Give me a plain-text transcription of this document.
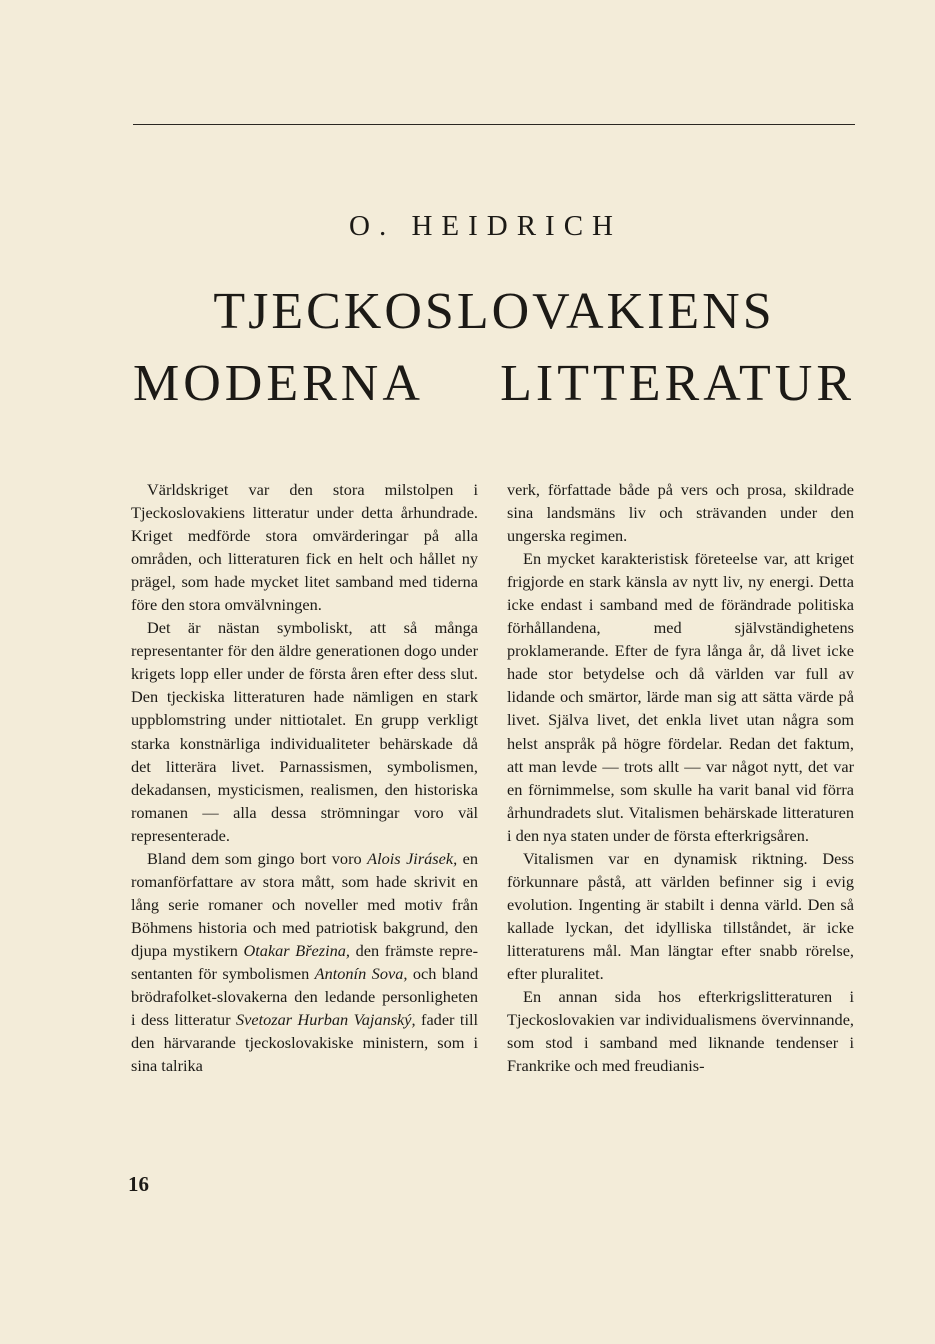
O. HEIDRICH
TJECKOSLOVAKIENS
MODERNA LITTERATUR

Världskriget var den stora milstolpen i Tjeckoslovakiens litteratur under detta århundrade. Kriget medförde stora omvärderingar på alla områden, och litteraturen fick en helt och hållet ny prägel, som hade mycket litet samband med tiderna före den stora omvälvningen.

Det är nästan symboliskt, att så många representanter för den äldre generationen dogo under krigets lopp eller under de första åren efter dess slut. Den tjeckiska litteraturen hade nämligen en stark uppblomstring under nittiotalet. En grupp verkligt starka konstnärliga individualiteter behärskade då det litterära livet. Parnassismen, symbolismen, dekadansen, mysticismen, realismen, den historiska romanen — alla dessa strömningar voro väl representerade.

Bland dem som gingo bort voro Alois Jirásek, en romanförfattare av stora mått, som hade skrivit en lång serie romaner och noveller med motiv från Böhmens historia och med patriotisk bakgrund, den djupa mystikern Otakar Březina, den främste representanten för symbolismen Antonín Sova, och bland brödrafolket-slovakerna den ledande personligheten i dess litteratur Svetozar Hurban Vajanský, fader till den härvarande tjeckoslovakiske ministern, som i sina talrika

verk, författade både på vers och prosa, skildrade sina landsmäns liv och strävanden under den ungerska regimen.

En mycket karakteristisk företeelse var, att kriget frigjorde en stark känsla av nytt liv, ny energi. Detta icke endast i samband med de förändrade politiska förhållandena, med självständighetens proklamerande. Efter de fyra långa år, då livet icke hade stor betydelse och då världen var full av lidande och smärtor, lärde man sig att sätta värde på livet. Själva livet, det enkla livet utan några som helst anspråk på högre fördelar. Redan det faktum, att man levde — trots allt — var något nytt, det var en förnimmelse, som skulle ha varit banal vid förra århundradets slut. Vitalismen behärskade litteraturen i den nya staten under de första efterkrigsåren.

Vitalismen var en dynamisk riktning. Dess förkunnare påstå, att världen befinner sig i evig evolution. Ingenting är stabilt i denna värld. Den så kallade lyckan, det idylliska tillståndet, är icke litteraturens mål. Man längtar efter snabb rörelse, efter pluralitet.

En annan sida hos efterkrigslitteraturen i Tjeckoslovakien var individualismens övervinnande, som stod i samband med liknande tendenser i Frankrike och med freudianis-

16
